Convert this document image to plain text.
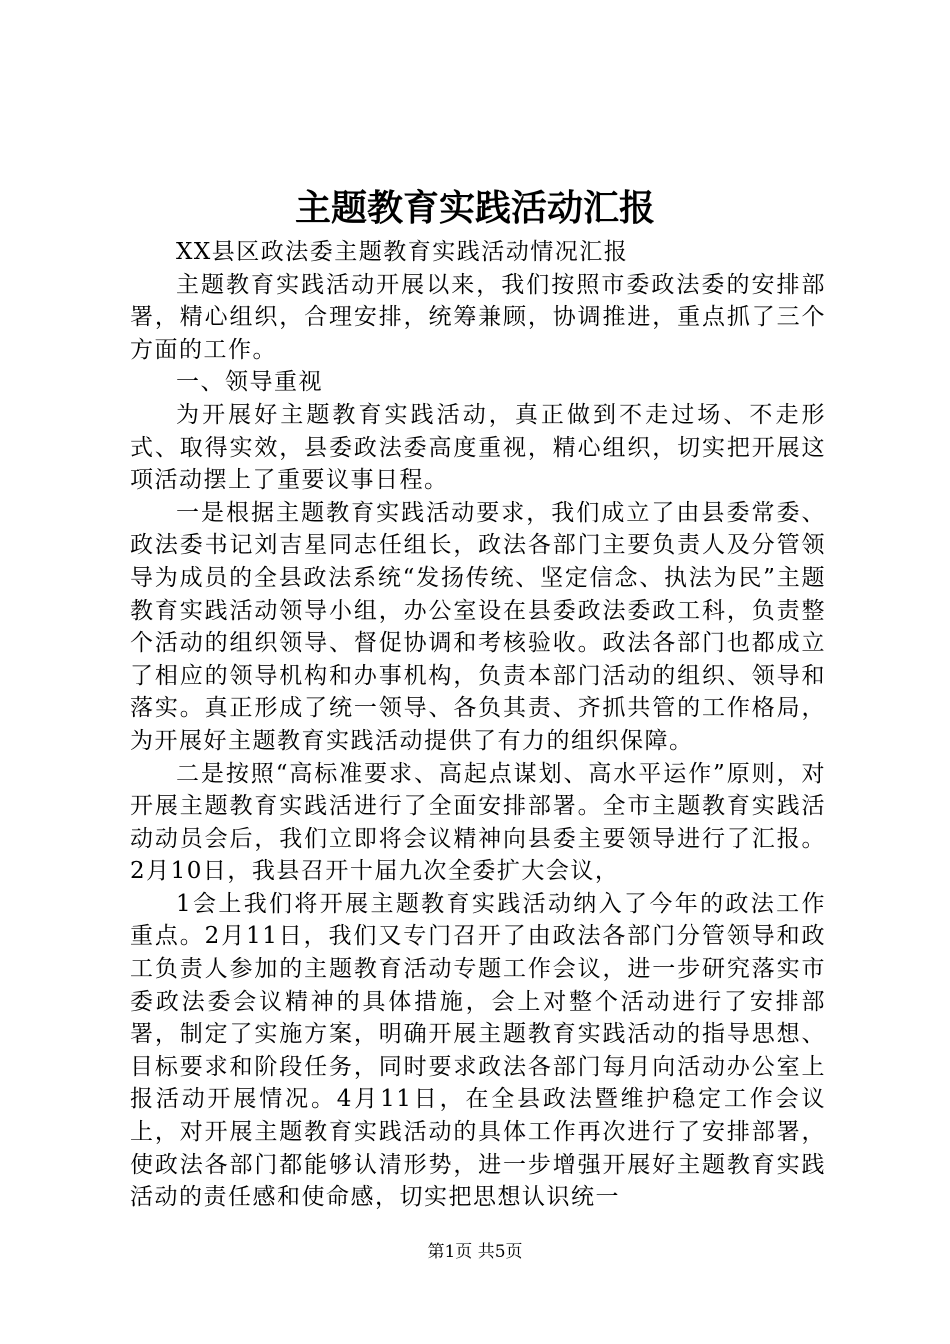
主题教育实践活动汇报

XX县区政法委主题教育实践活动情况汇报

主题教育实践活动开展以来，我们按照市委政法委的安排部署，精心组织，合理安排，统筹兼顾，协调推进，重点抓了三个方面的工作。

一、领导重视

为开展好主题教育实践活动，真正做到不走过场、不走形式、取得实效，县委政法委高度重视，精心组织，切实把开展这项活动摆上了重要议事日程。

一是根据主题教育实践活动要求，我们成立了由县委常委、政法委书记刘吉星同志任组长，政法各部门主要负责人及分管领导为成员的全县政法系统“发扬传统、坚定信念、执法为民”主题教育实践活动领导小组，办公室设在县委政法委政工科，负责整个活动的组织领导、督促协调和考核验收。政法各部门也都成立了相应的领导机构和办事机构，负责本部门活动的组织、领导和落实。真正形成了统一领导、各负其责、齐抓共管的工作格局，为开展好主题教育实践活动提供了有力的组织保障。

二是按照“高标准要求、高起点谋划、高水平运作”原则，对开展主题教育实践活进行了全面安排部署。全市主题教育实践活动动员会后，我们立即将会议精神向县委主要领导进行了汇报。2月10日，我县召开十届九次全委扩大会议，

1会上我们将开展主题教育实践活动纳入了今年的政法工作重点。2月11日，我们又专门召开了由政法各部门分管领导和政工负责人参加的主题教育活动专题工作会议，进一步研究落实市委政法委会议精神的具体措施，会上对整个活动进行了安排部署，制定了实施方案，明确开展主题教育实践活动的指导思想、目标要求和阶段任务，同时要求政法各部门每月向活动办公室上报活动开展情况。4月11日，在全县政法暨维护稳定工作会议上，对开展主题教育实践活动的具体工作再次进行了安排部署，使政法各部门都能够认清形势，进一步增强开展好主题教育实践活动的责任感和使命感，切实把思想认识统一

第1页 共5页
